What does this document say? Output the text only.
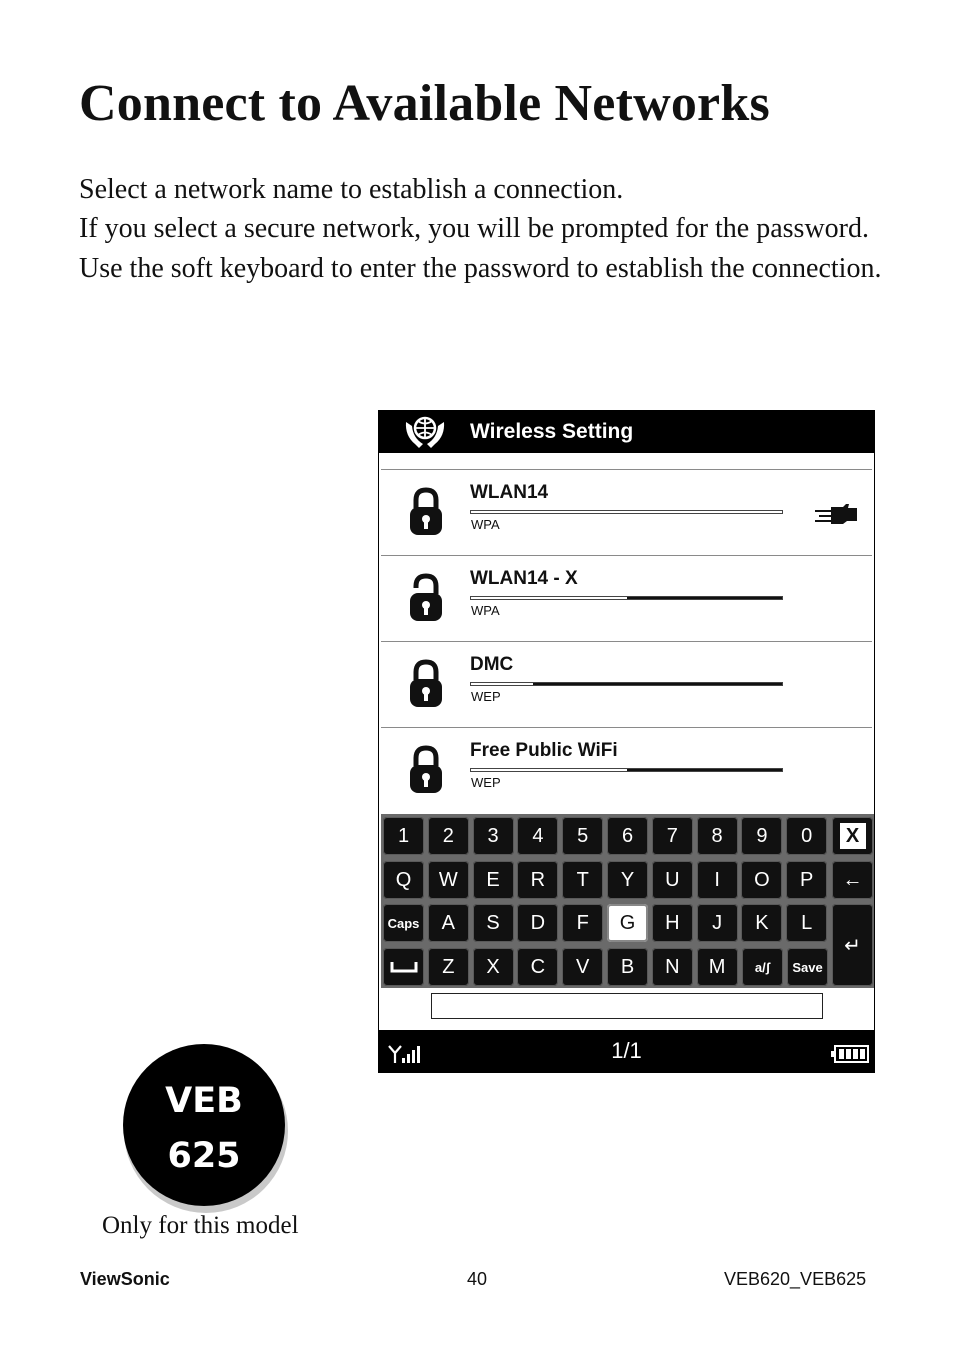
Connect to Available Networks

Select a network name to establish a connection.

If you select a secure network, you will be prompted for the password. Use the soft keyboard to enter the password to establish the connection.

Wireless Setting
WLAN14
WPA
WLAN14 - X
WPA
DMC
WEP
Free Public WiFi
WEP
Caps
a/ʃ	Save
X
←
↵
1	2	3	4	5	6	7	8	9	0
Q	W	E	R	T	Y	U	I	O	P
A	S	D	F	G	H	J	K	L
Z	X	C	V	B	N	M
1/1
VEB
625
Only for this model
ViewSonic	40	VEB620_VEB625
